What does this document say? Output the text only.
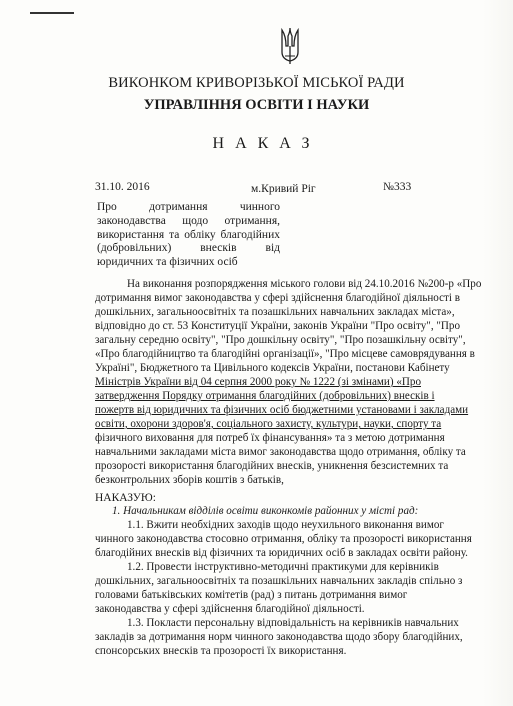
ВИКОНКОМ КРИВОРІЗЬКОЇ МІСЬКОЇ РАДИ
УПРАВЛІННЯ ОСВІТИ І НАУКИ
НАКАЗ
31.10. 2016	м.Кривий Ріг	№333
Про дотримання чинного законодавства щодо отримання, використання та обліку благодійних (добровільних) внесків від юридичних та фізичних осіб
На виконання розпорядження міського голови від 24.10.2016 №200-р «Про
дотримання вимог законодавства у сфері здійснення благодійної діяльності в
дошкільних, загальноосвітніх та позашкільних навчальних закладах міста»,
відповідно до ст. 53 Конституції України, законів України "Про освіту", "Про
загальну середню освіту", "Про дошкільну освіту", "Про позашкільну освіту",
«Про благодійництво та благодійні організації», "Про місцеве самоврядування в
Україні", Бюджетного та Цивільного кодексів України, постанови Кабінету
Міністрів України від 04 серпня 2000 року № 1222 (зі змінами) «Про
затвердження Порядку отримання благодійних (добровільних) внесків і
пожертв від юридичних та фізичних осіб бюджетними установами і закладами
освіти, охорони здоров'я, соціального захисту, культури, науки, спорту та
фізичного виховання для потреб їх фінансування» та з метою дотримання
навчальними закладами міста вимог законодавства щодо отримання, обліку та
прозорості використання благодійних внесків, уникнення безсистемних та
безконтрольних зборів коштів з батьків,
НАКАЗУЮ:
1. Начальникам відділів освіти виконкомів районних у місті рад:
1.1. Вжити необхідних заходів щодо неухильного виконання вимог
чинного законодавства стосовно отримання, обліку та прозорості використання
благодійних внесків від фізичних та юридичних осіб в закладах освіти району.
1.2. Провести інструктивно-методичні практикуми для керівників
дошкільних, загальноосвітніх та позашкільних навчальних закладів спільно з
головами батьківських комітетів (рад) з питань дотримання вимог
законодавства у сфері здійснення благодійної діяльності.
1.3. Покласти персональну відповідальність на керівників навчальних
закладів за дотримання норм чинного законодавства щодо збору благодійних,
спонсорських внесків та прозорості їх використання.
